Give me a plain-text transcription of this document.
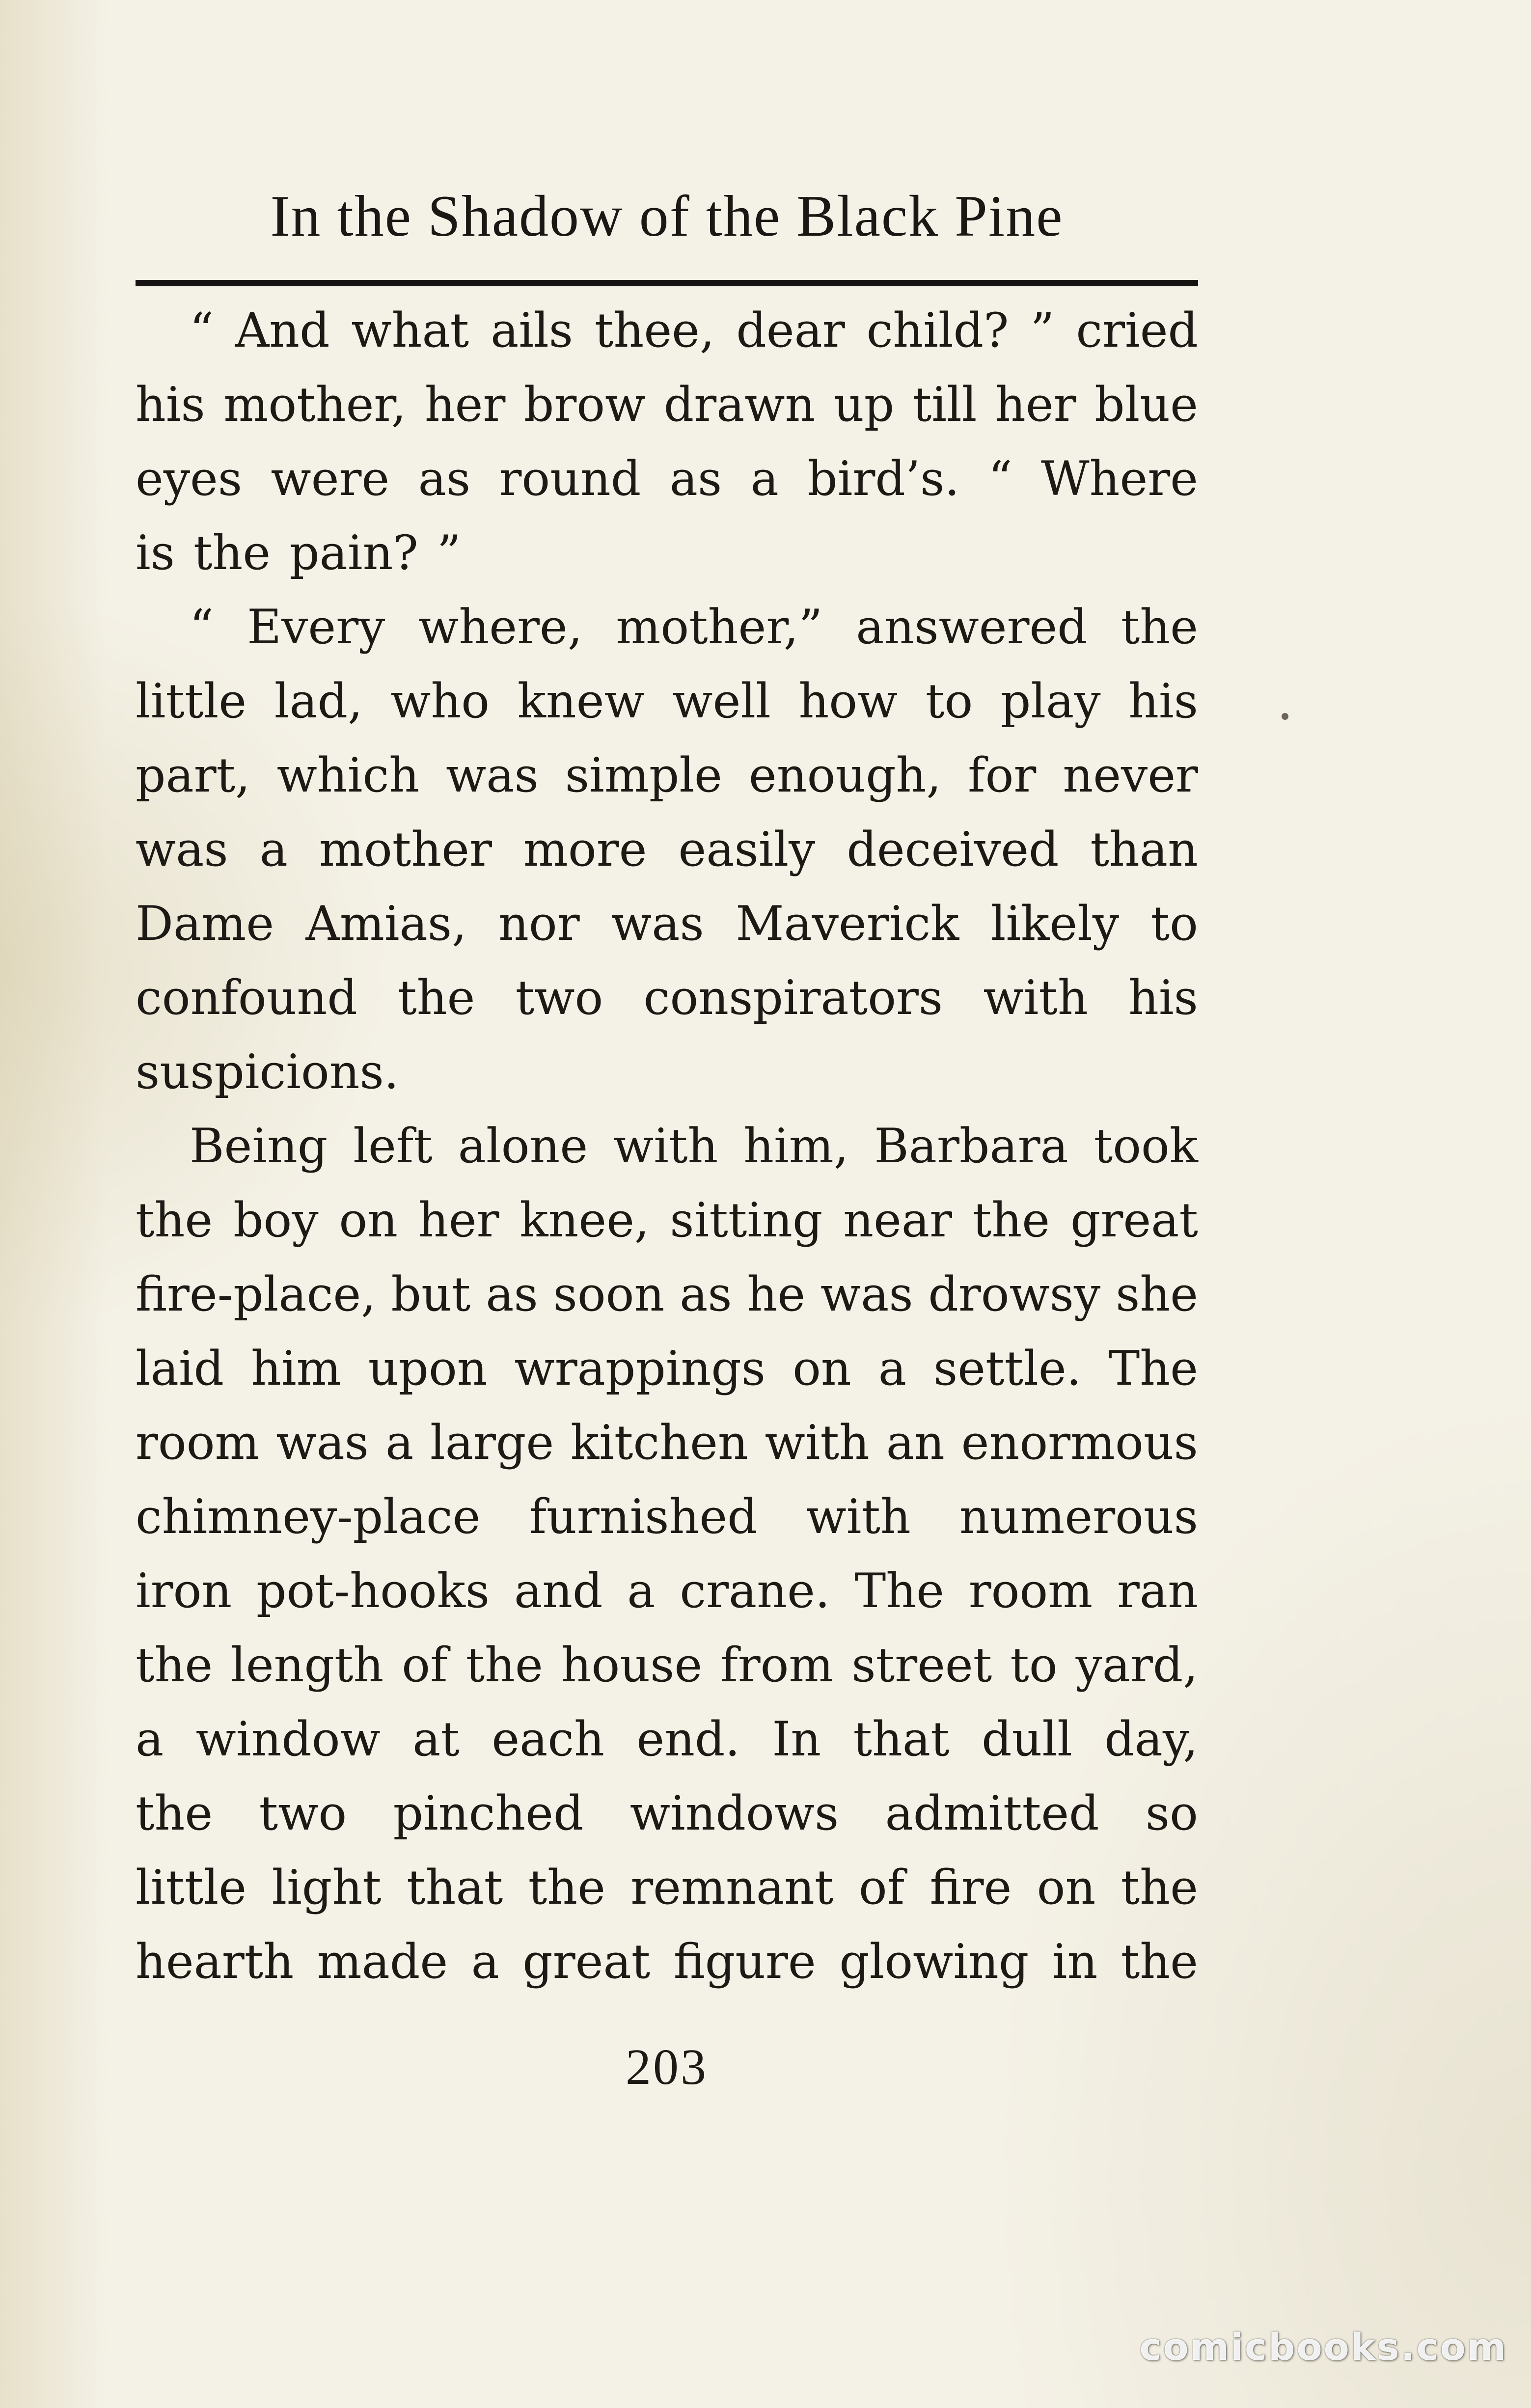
In the Shadow of the Black Pine
“ And what ails thee, dear child? ” cried
his mother, her brow drawn up till her blue
eyes were as round as a bird’s. “ Where
is the pain? ”
“ Every where, mother,” answered the
little lad, who knew well how to play his
part, which was simple enough, for never
was a mother more easily deceived than
Dame Amias, nor was Maverick likely to
confound the two conspirators with his
suspicions.
Being left alone with him, Barbara took
the boy on her knee, sitting near the great
fire-place, but as soon as he was drowsy she
laid him upon wrappings on a settle. The
room was a large kitchen with an enormous
chimney-place furnished with numerous
iron pot-hooks and a crane. The room ran
the length of the house from street to yard,
a window at each end. In that dull day,
the two pinched windows admitted so
little light that the remnant of fire on the
hearth made a great figure glowing in the
203
comicbooks.com
